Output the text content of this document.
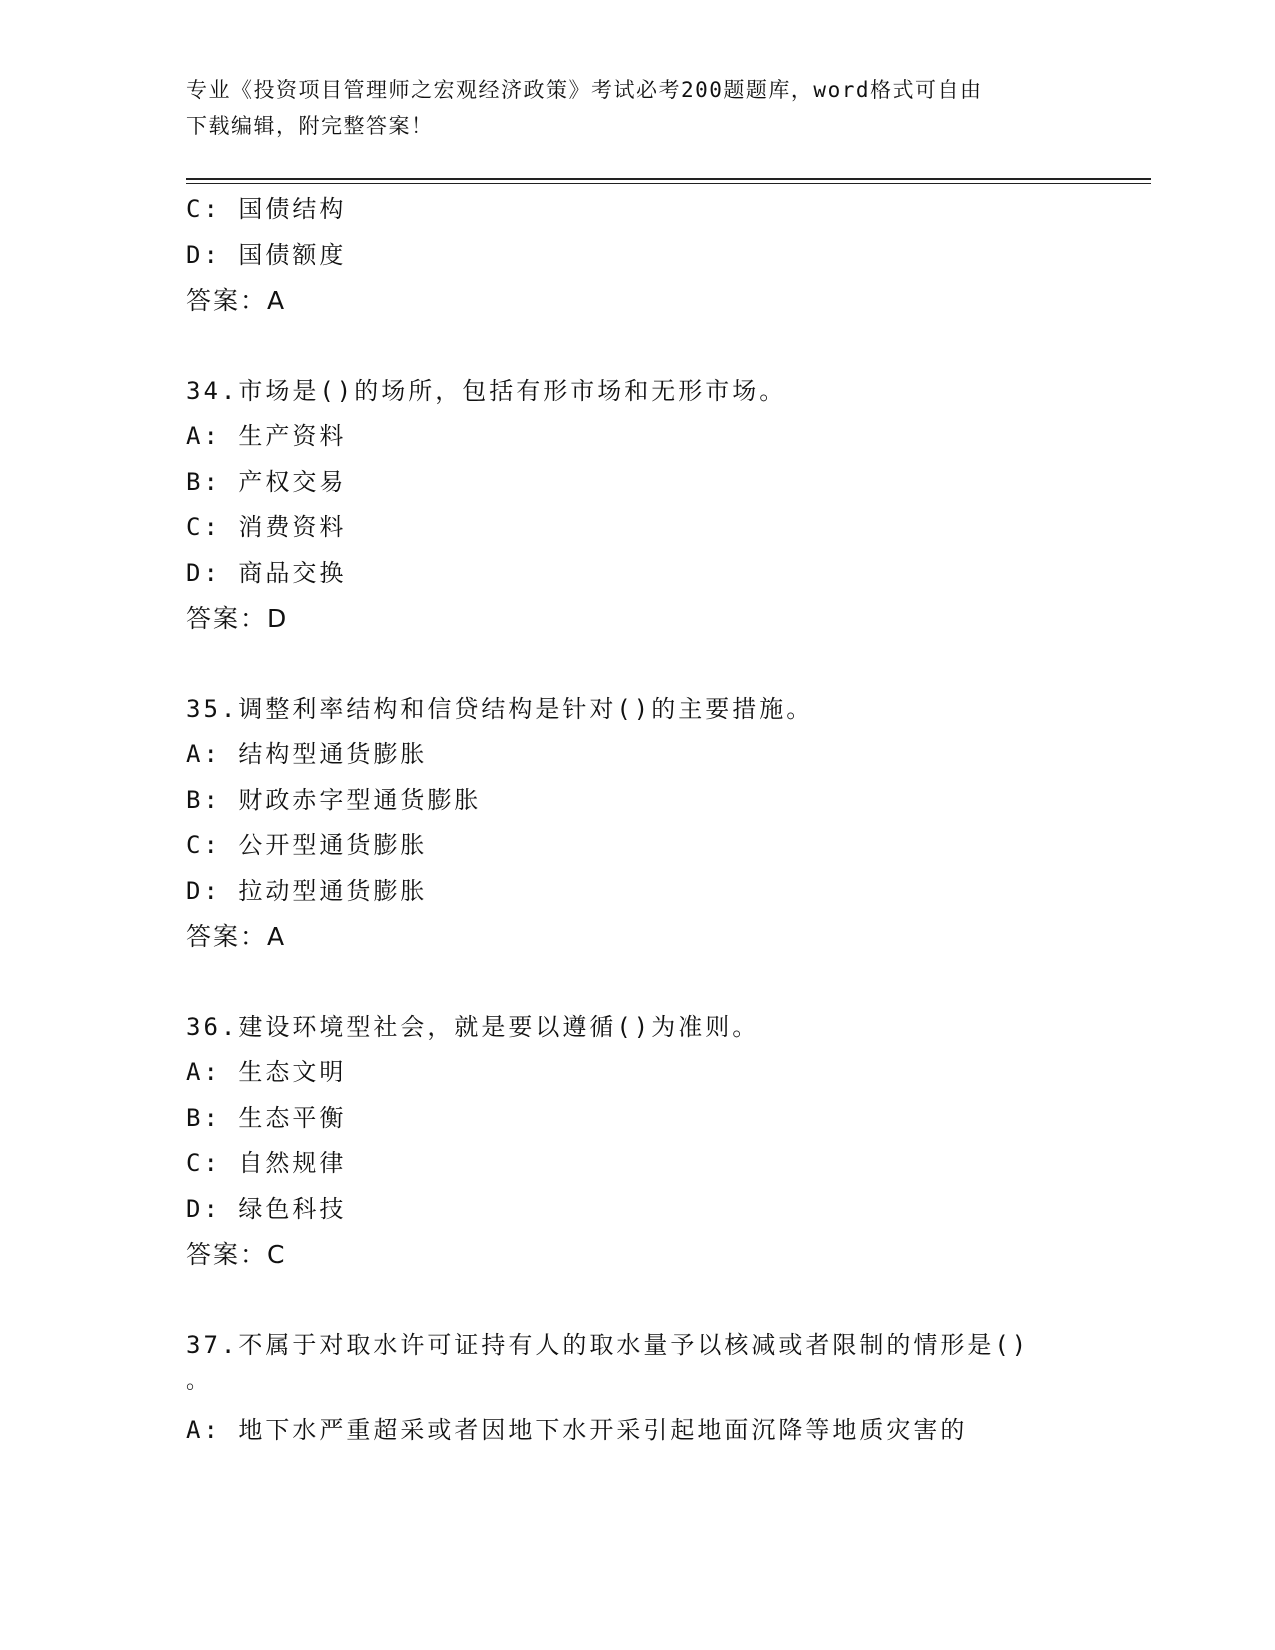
专业《投资项目管理师之宏观经济政策》考试必考200题题库，word格式可自由
下载编辑，附完整答案！
C: 国债结构
D: 国债额度
答案：A
34.市场是()的场所，包括有形市场和无形市场。
A: 生产资料
B: 产权交易
C: 消费资料
D: 商品交换
答案：D
35.调整利率结构和信贷结构是针对()的主要措施。
A: 结构型通货膨胀
B: 财政赤字型通货膨胀
C: 公开型通货膨胀
D: 拉动型通货膨胀
答案：A
36.建设环境型社会，就是要以遵循()为准则。
A: 生态文明
B: 生态平衡
C: 自然规律
D: 绿色科技
答案：C
37.不属于对取水许可证持有人的取水量予以核减或者限制的情形是()
。
A: 地下水严重超采或者因地下水开采引起地面沉降等地质灾害的
